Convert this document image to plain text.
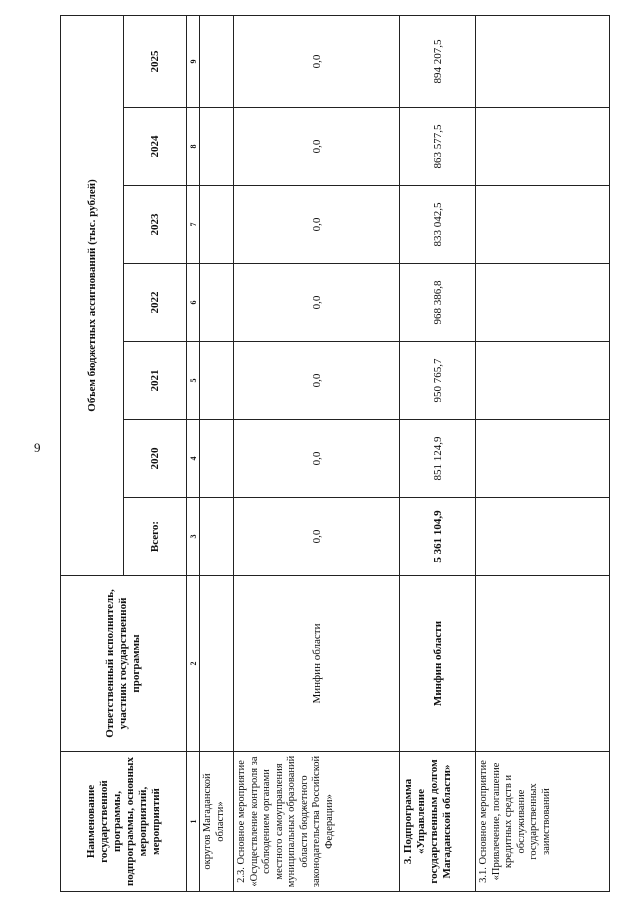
9
Наименование государственной программы, подпрограммы, основных мероприятий, мероприятий	Ответственный исполнитель, участник государственной программы	Объем бюджетных ассигнований (тыс. рублей)						
		Всего:	2020	2021	2022	2023	2024	2025
1	2	3	4	5	6	7	8	9

округов Магаданской области»								

2.3. Основное мероприятие «Осуществление контроля за соблюдением органами местного самоуправления муниципальных образований области бюджетного законодательства Российской Федерации»	Минфин области	0,0	0,0	0,0	0,0	0,0	0,0	0,0

3. Подпрограмма «Управление государственным долгом Магаданской области»	Минфин области	5 361 104,9	851 124,9	950 765,7	968 386,8	833 042,5	863 577,5	894 207,5

3.1. Основное мероприятие «Привлечение, погашение кредитных средств и обслуживание государственных заимствований								
